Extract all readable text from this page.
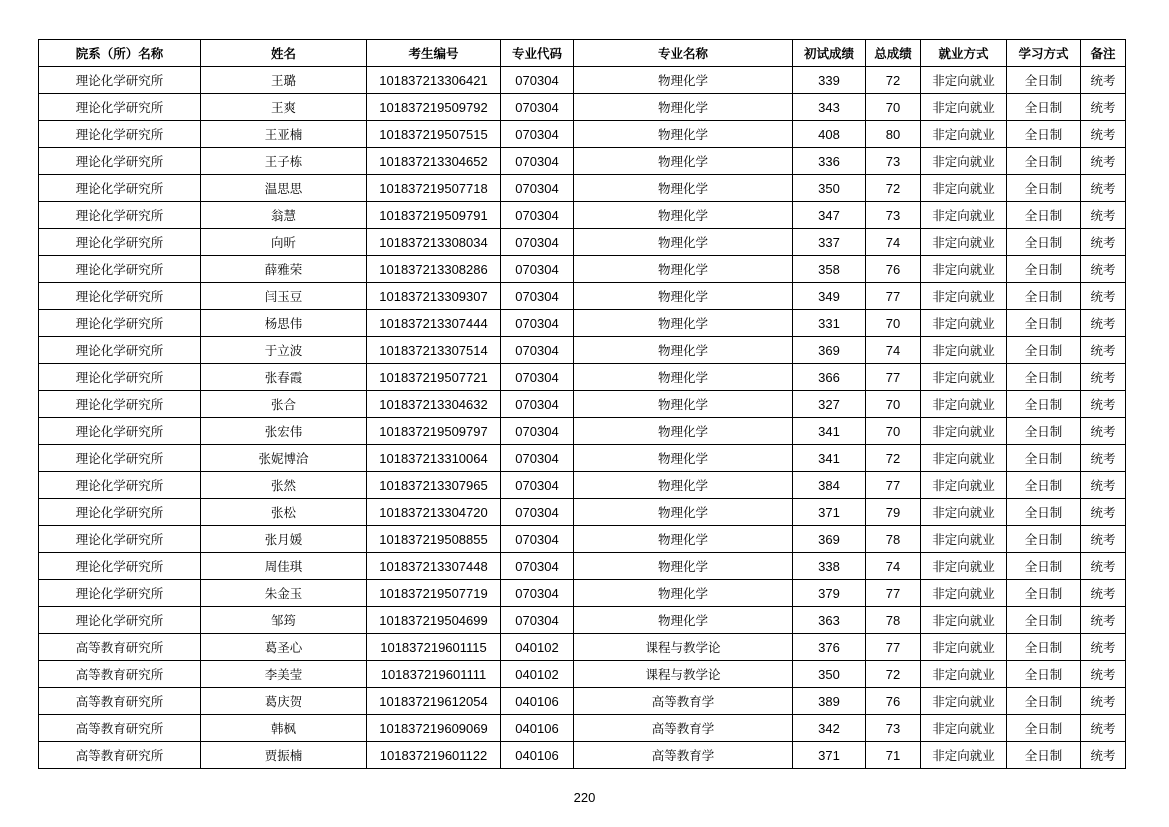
院系（所）名称	姓名	考生编号	专业代码	专业名称	初试成绩	总成绩	就业方式	学习方式	备注
理论化学研究所	王璐	101837213306421	070304	物理化学	339	72	非定向就业	全日制	统考
理论化学研究所	王爽	101837219509792	070304	物理化学	343	70	非定向就业	全日制	统考
理论化学研究所	王亚楠	101837219507515	070304	物理化学	408	80	非定向就业	全日制	统考
理论化学研究所	王子栋	101837213304652	070304	物理化学	336	73	非定向就业	全日制	统考
理论化学研究所	温思思	101837219507718	070304	物理化学	350	72	非定向就业	全日制	统考
理论化学研究所	翁慧	101837219509791	070304	物理化学	347	73	非定向就业	全日制	统考
理论化学研究所	向昕	101837213308034	070304	物理化学	337	74	非定向就业	全日制	统考
理论化学研究所	薛雅荣	101837213308286	070304	物理化学	358	76	非定向就业	全日制	统考
理论化学研究所	闫玉豆	101837213309307	070304	物理化学	349	77	非定向就业	全日制	统考
理论化学研究所	杨思伟	101837213307444	070304	物理化学	331	70	非定向就业	全日制	统考
理论化学研究所	于立波	101837213307514	070304	物理化学	369	74	非定向就业	全日制	统考
理论化学研究所	张春霞	101837219507721	070304	物理化学	366	77	非定向就业	全日制	统考
理论化学研究所	张合	101837213304632	070304	物理化学	327	70	非定向就业	全日制	统考
理论化学研究所	张宏伟	101837219509797	070304	物理化学	341	70	非定向就业	全日制	统考
理论化学研究所	张妮博洽	101837213310064	070304	物理化学	341	72	非定向就业	全日制	统考
理论化学研究所	张然	101837213307965	070304	物理化学	384	77	非定向就业	全日制	统考
理论化学研究所	张松	101837213304720	070304	物理化学	371	79	非定向就业	全日制	统考
理论化学研究所	张月媛	101837219508855	070304	物理化学	369	78	非定向就业	全日制	统考
理论化学研究所	周佳琪	101837213307448	070304	物理化学	338	74	非定向就业	全日制	统考
理论化学研究所	朱金玉	101837219507719	070304	物理化学	379	77	非定向就业	全日制	统考
理论化学研究所	邹筠	101837219504699	070304	物理化学	363	78	非定向就业	全日制	统考
高等教育研究所	葛圣心	101837219601115	040102	课程与教学论	376	77	非定向就业	全日制	统考
高等教育研究所	李美莹	101837219601111	040102	课程与教学论	350	72	非定向就业	全日制	统考
高等教育研究所	葛庆贺	101837219612054	040106	高等教育学	389	76	非定向就业	全日制	统考
高等教育研究所	韩枫	101837219609069	040106	高等教育学	342	73	非定向就业	全日制	统考
高等教育研究所	贾振楠	101837219601122	040106	高等教育学	371	71	非定向就业	全日制	统考
220
